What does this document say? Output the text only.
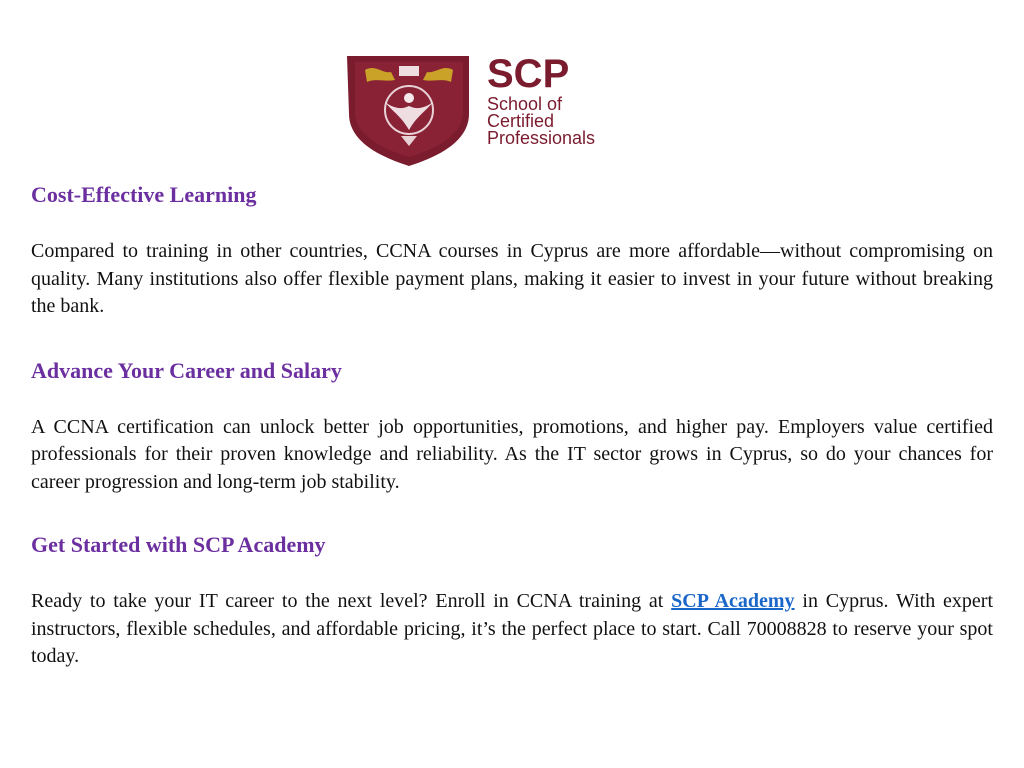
SCP
School of
Certified
Professionals
Cost-Effective Learning

Compared to training in other countries, CCNA courses in Cyprus are more affordable—without compromising on quality. Many institutions also offer flexible payment plans, making it easier to invest in your future without breaking the bank.

Advance Your Career and Salary

A CCNA certification can unlock better job opportunities, promotions, and higher pay. Employers value certified professionals for their proven knowledge and reliability. As the IT sector grows in Cyprus, so do your chances for career progression and long-term job stability.

Get Started with SCP Academy

Ready to take your IT career to the next level? Enroll in CCNA training at SCP Academy in Cyprus. With expert instructors, flexible schedules, and affordable pricing, it’s the perfect place to start. Call 70008828 to reserve your spot today.
